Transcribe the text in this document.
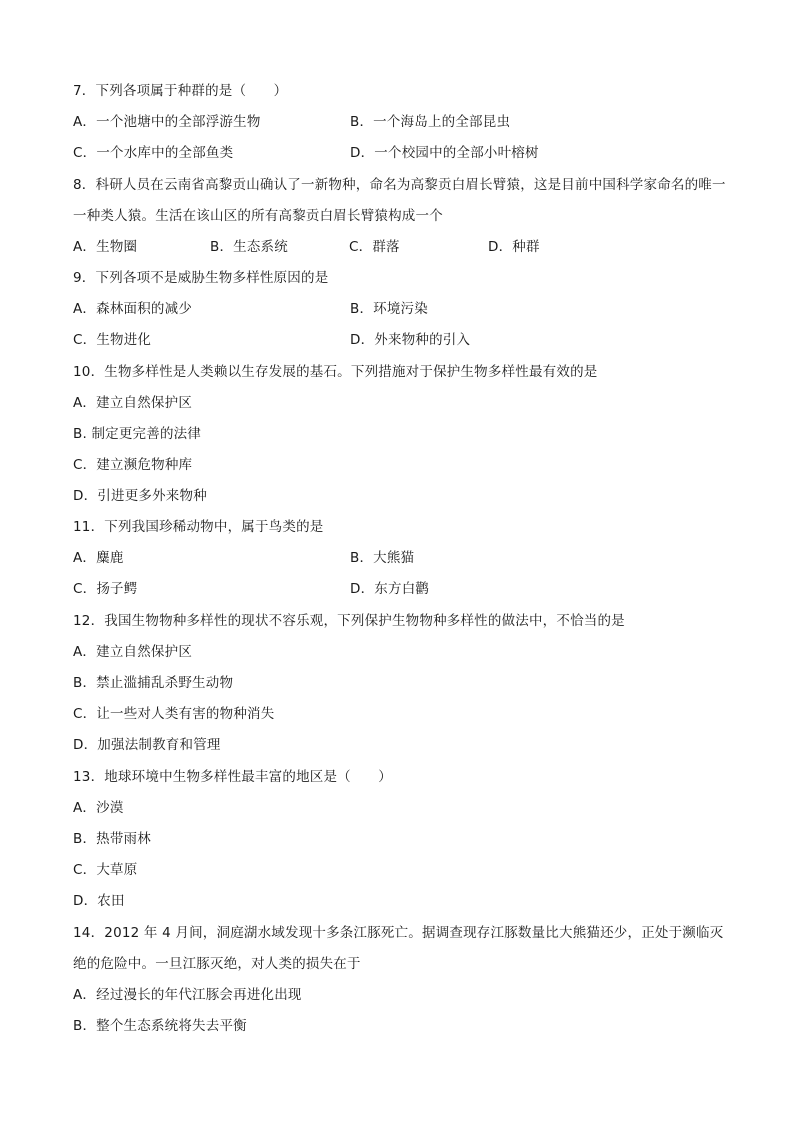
7．下列各项属于种群的是（　　）
A．一个池塘中的全部浮游生物	B．一个海岛上的全部昆虫
C．一个水库中的全部鱼类	D．一个校园中的全部小叶榕树
8．科研人员在云南省高黎贡山确认了一新物种，命名为高黎贡白眉长臂猿，这是目前中国科学家命名的唯一一种类人猿。生活在该山区的所有高黎贡白眉长臂猿构成一个
A．生物圈	B．生态系统	C．群落	D．种群
9．下列各项不是威胁生物多样性原因的是
A．森林面积的减少	B．环境污染
C．生物进化	D．外来物种的引入
10．生物多样性是人类赖以生存发展的基石。下列措施对于保护生物多样性最有效的是
A．建立自然保护区
B. 制定更完善的法律
C．建立濒危物种库
D．引进更多外来物种
11．下列我国珍稀动物中，属于鸟类的是
A．麋鹿	B．大熊猫
C．扬子鳄	D．东方白鹳
12．我国生物物种多样性的现状不容乐观，下列保护生物物种多样性的做法中，不恰当的是
A．建立自然保护区
B．禁止滥捕乱杀野生动物
C．让一些对人类有害的物种消失
D．加强法制教育和管理
13．地球环境中生物多样性最丰富的地区是（　　）
A．沙漠
B．热带雨林
C．大草原
D．农田
14．2012 年 4 月间，洞庭湖水域发现十多条江豚死亡。据调查现存江豚数量比大熊猫还少，正处于濒临灭绝的危险中。一旦江豚灭绝，对人类的损失在于
A．经过漫长的年代江豚会再进化出现
B．整个生态系统将失去平衡
